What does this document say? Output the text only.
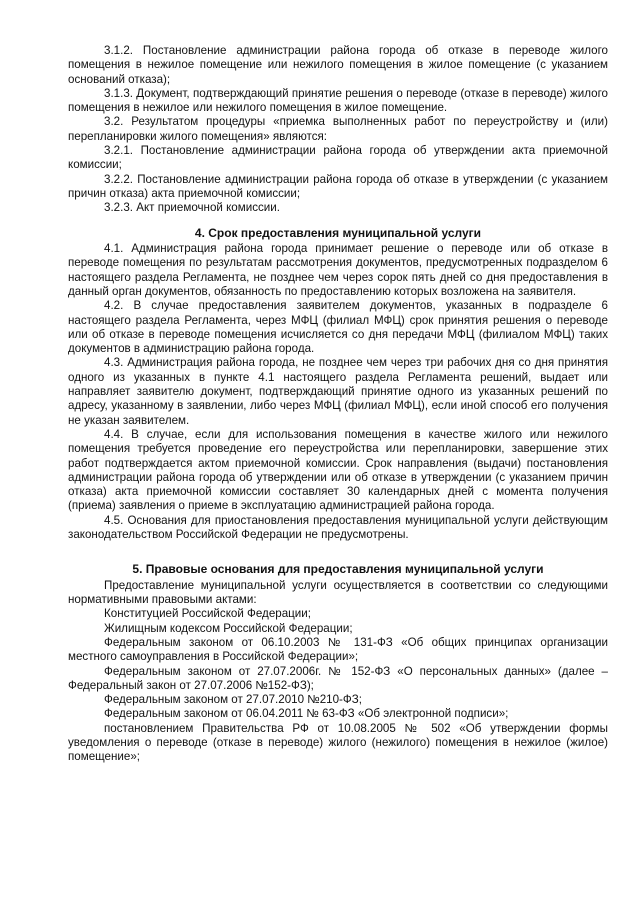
3.1.2. Постановление администрации района города об отказе в переводе жилого помещения в нежилое помещение или нежилого помещения в жилое помещение (с указанием оснований отказа);

3.1.3. Документ, подтверждающий принятие решения о переводе (отказе в переводе) жилого помещения в нежилое или нежилого помещения в жилое помещение.

3.2. Результатом процедуры «приемка выполненных работ по переустройству и (или) перепланировки жилого помещения» являются:

3.2.1. Постановление администрации района города об утверждении акта приемочной комиссии;

3.2.2. Постановление администрации района города об отказе в утверждении (с указанием причин отказа) акта приемочной комиссии;

3.2.3. Акт приемочной комиссии.

4. Срок предоставления муниципальной услуги

4.1. Администрация района города принимает решение о переводе или об отказе в переводе помещения по результатам рассмотрения документов, предусмотренных подразделом 6 настоящего раздела Регламента, не позднее чем через сорок пять дней со дня предоставления в данный орган документов, обязанность по предоставлению которых возложена на заявителя.

4.2. В случае предоставления заявителем документов, указанных в подразделе 6 настоящего раздела Регламента, через МФЦ (филиал МФЦ) срок принятия решения о переводе или об отказе в переводе помещения исчисляется со дня передачи МФЦ (филиалом МФЦ) таких документов в администрацию района города.

4.3. Администрация района города, не позднее чем через три рабочих дня со дня принятия одного из указанных в пункте 4.1 настоящего раздела Регламента решений, выдает или направляет заявителю документ, подтверждающий принятие одного из указанных решений по адресу, указанному в заявлении, либо через МФЦ (филиал МФЦ), если иной способ его получения не указан заявителем.

4.4. В случае, если для использования помещения в качестве жилого или нежилого помещения требуется проведение его переустройства или перепланировки, завершение этих работ подтверждается актом приемочной комиссии. Срок направления (выдачи) постановления администрации района города об утверждении или об отказе в утверждении (с указанием причин отказа) акта приемочной комиссии составляет 30 календарных дней с момента получения (приема) заявления о приеме в эксплуатацию администрацией района города.

4.5. Основания для приостановления предоставления муниципальной услуги действующим законодательством Российской Федерации не предусмотрены.

5. Правовые основания для предоставления муниципальной услуги

Предоставление муниципальной услуги осуществляется в соответствии со следующими нормативными правовыми актами:

Конституцией Российской Федерации;

Жилищным кодексом Российской Федерации;

Федеральным законом от 06.10.2003 № 131-ФЗ «Об общих принципах организации местного самоуправления в Российской Федерации»;

Федеральным законом от 27.07.2006г. № 152-ФЗ «О персональных данных» (далее – Федеральный закон от 27.07.2006 №152-ФЗ);

Федеральным законом от 27.07.2010 №210-ФЗ;

Федеральным законом от 06.04.2011 № 63-ФЗ «Об электронной подписи»;

постановлением Правительства РФ от 10.08.2005 № 502 «Об утверждении формы уведомления о переводе (отказе в переводе) жилого (нежилого) помещения в нежилое (жилое) помещение»;
